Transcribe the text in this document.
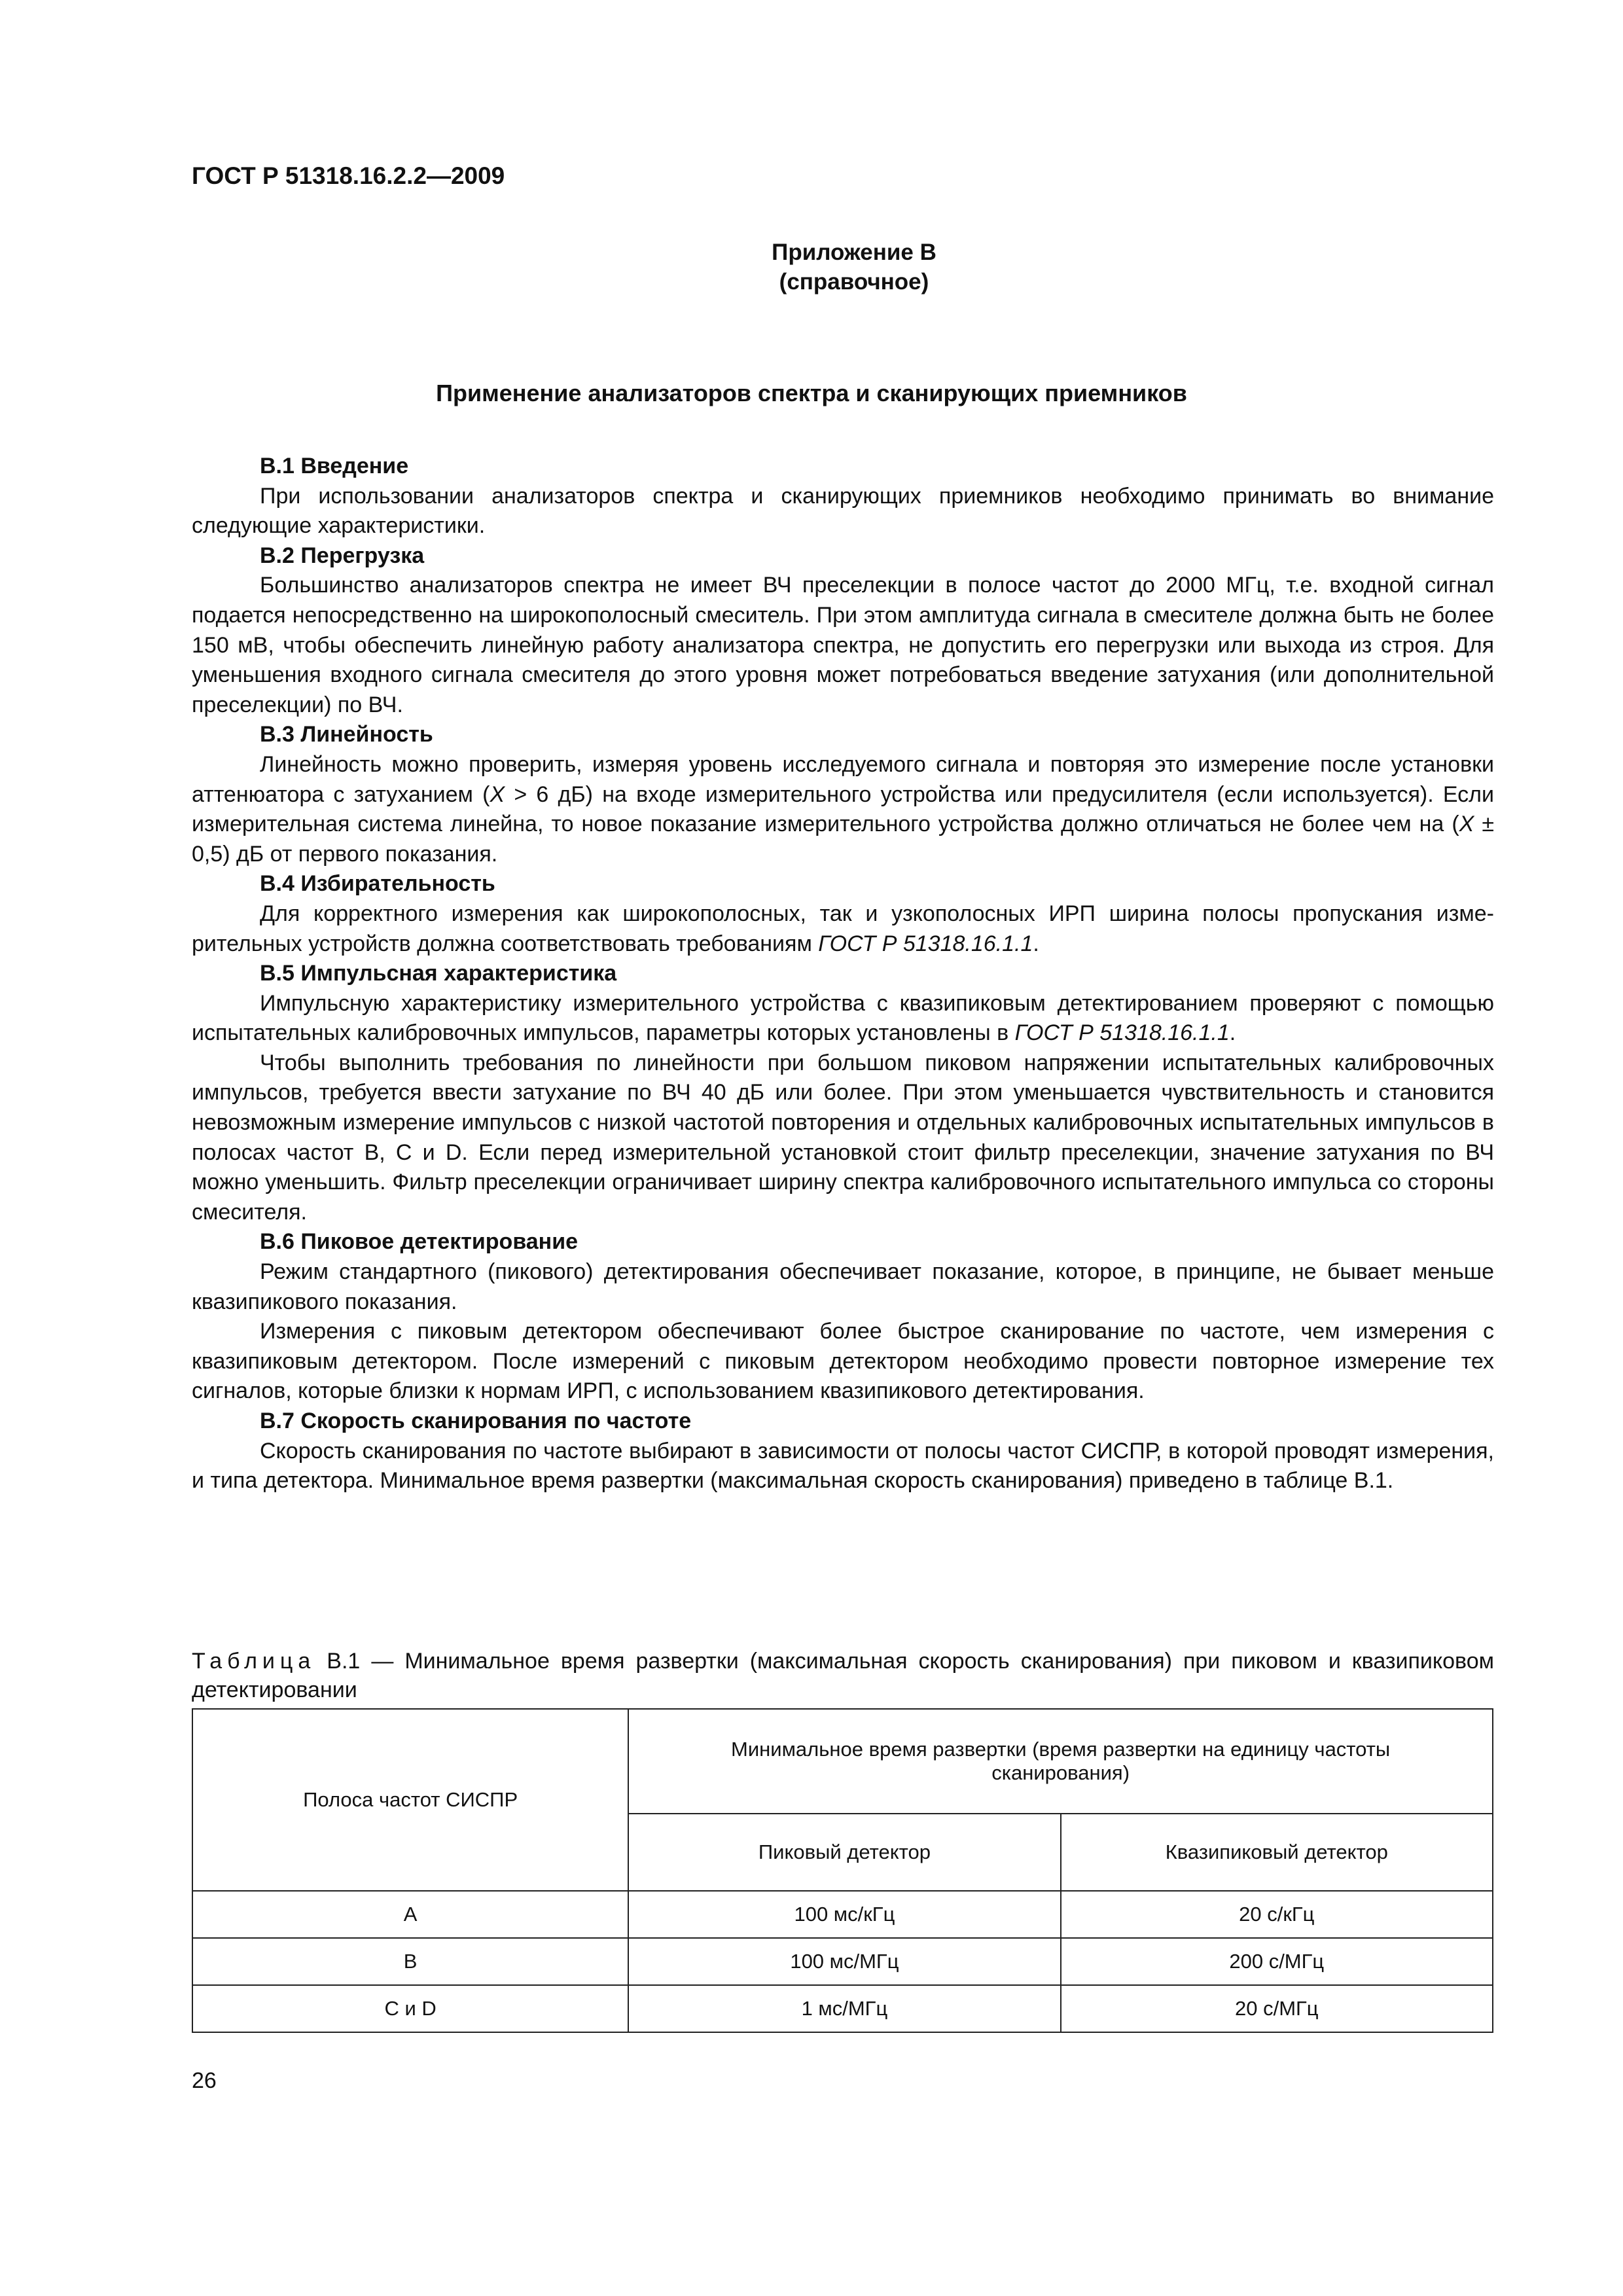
ГОСТ Р 51318.16.2.2—2009
Приложение В
(справочное)
Применение анализаторов спектра и сканирующих приемников

В.1 Введение

При использовании анализаторов спектра и сканирующих приемников необходимо принимать во внимание следующие характеристики.

В.2 Перегрузка

Большинство анализаторов спектра не имеет ВЧ преселекции в полосе частот до 2000 МГц, т.е. входной сигнал подается непосредственно на широкополосный смеситель. При этом амплитуда сигнала в смесителе должна быть не более 150 мВ, чтобы обеспечить линейную работу анализатора спектра, не допустить его перегрузки или выхода из строя. Для уменьшения входного сигнала смесителя до этого уровня может потребоваться введение затухания (или дополнительной преселекции) по ВЧ.

В.3 Линейность

Линейность можно проверить, измеряя уровень исследуемого сигнала и повторяя это измерение после установки аттенюатора с затуханием (X > 6 дБ) на входе измерительного устройства или предусилителя (если используется). Если измерительная система линейна, то новое показание измерительного устройства должно отличаться не более чем на (X ± 0,5) дБ от первого показания.

В.4 Избирательность

Для корректного измерения как широкополосных, так и узкополосных ИРП ширина полосы пропускания измерительных устройств должна соответствовать требованиям ГОСТ Р 51318.16.1.1.

В.5 Импульсная характеристика

Импульсную характеристику измерительного устройства с квазипиковым детектированием проверяют с помощью испытательных калибровочных импульсов, параметры которых установлены в ГОСТ Р 51318.16.1.1.

Чтобы выполнить требования по линейности при большом пиковом напряжении испытательных калибровочных импульсов, требуется ввести затухание по ВЧ 40 дБ или более. При этом уменьшается чувствительность и становится невозможным измерение импульсов с низкой частотой повторения и отдельных калибровочных испытательных импульсов в полосах частот В, С и D. Если перед измерительной установкой стоит фильтр преселекции, значение затухания по ВЧ можно уменьшить. Фильтр преселекции ограничивает ширину спектра калибровочного испытательного импульса со стороны смесителя.

В.6 Пиковое детектирование

Режим стандартного (пикового) детектирования обеспечивает показание, которое, в принципе, не бывает меньше квазипикового показания.

Измерения с пиковым детектором обеспечивают более быстрое сканирование по частоте, чем измерения с квазипиковым детектором. После измерений с пиковым детектором необходимо провести повторное измерение тех сигналов, которые близки к нормам ИРП, с использованием квазипикового детектирования.

В.7 Скорость сканирования по частоте

Скорость сканирования по частоте выбирают в зависимости от полосы частот СИСПР, в которой проводят измерения, и типа детектора. Минимальное время развертки (максимальная скорость сканирования) приведено в таблице В.1.

Таблица В.1 — Минимальное время развертки (максимальная скорость сканирования) при пиковом и квазипиковом детектировании
Полоса частот СИСПР	Минимальное время развертки (время развертки на единицу частоты сканирования)	
	Пиковый детектор	Квазипиковый детектор
А	100 мс/кГц	20 с/кГц
В	100 мс/МГц	200 с/МГц
С и D	1 мс/МГц	20 с/МГц
26
